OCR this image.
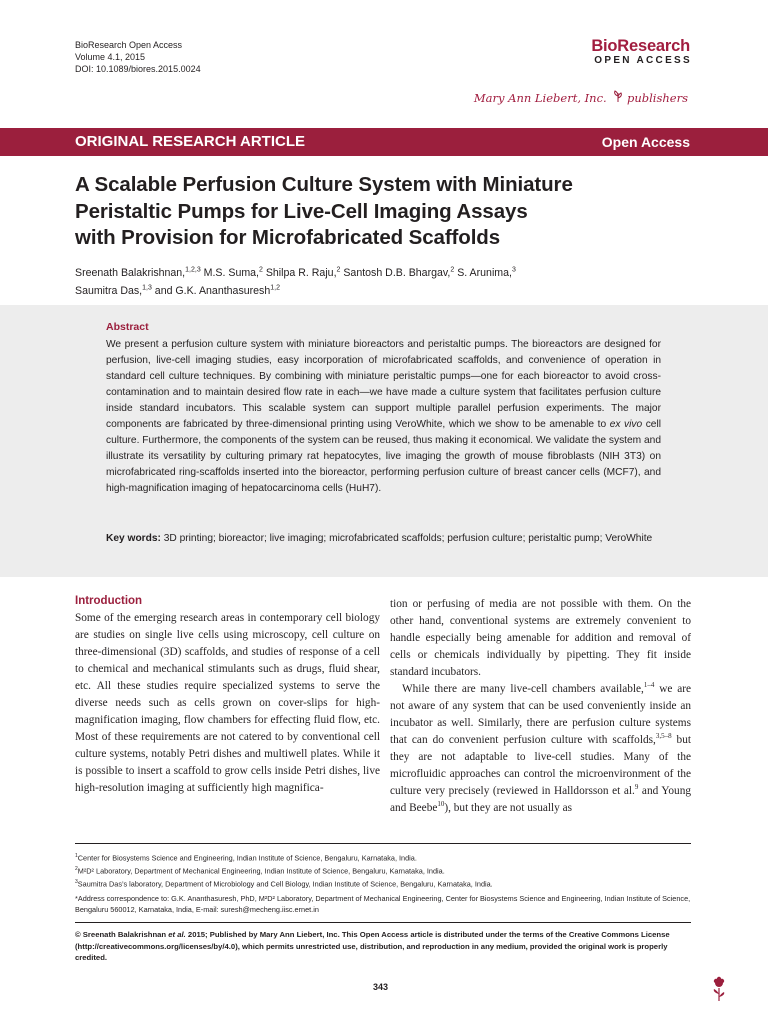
BioResearch Open Access
Volume 4.1, 2015
DOI: 10.1089/biores.2015.0024
BioResearch
OPEN ACCESS
Mary Ann Liebert, Inc. publishers
ORIGINAL RESEARCH ARTICLE	Open Access
A Scalable Perfusion Culture System with Miniature
Peristaltic Pumps for Live-Cell Imaging Assays
with Provision for Microfabricated Scaffolds
Sreenath Balakrishnan,$^{1,2,3}$ M.S. Suma,$^2$ Shilpa R. Raju,$^2$ Santosh D.B. Bhargav,$^2$ S. Arunima,$^3$
Saumitra Das,$^{1,3}$ and G.K. Ananthasuresh$^{1,2}$
Abstract
We present a perfusion culture system with miniature bioreactors and peristaltic pumps. The bioreactors are designed for perfusion, live-cell imaging studies, easy incorporation of microfabricated scaffolds, and convenience of operation in standard cell culture techniques. By combining with miniature peristaltic pumps—one for each bioreactor to avoid cross-contamination and to maintain desired flow rate in each—we have made a culture system that facilitates perfusion culture inside standard incubators. This scalable system can support multiple parallel perfusion experiments. The major components are fabricated by three-dimensional printing using VeroWhite, which we show to be amenable to ex vivo cell culture. Furthermore, the components of the system can be reused, thus making it economical. We validate the system and illustrate its versatility by culturing primary rat hepatocytes, live imaging the growth of mouse fibroblasts (NIH 3T3) on microfabricated ring-scaffolds inserted into the bioreactor, performing perfusion culture of breast cancer cells (MCF7), and high-magnification imaging of hepatocarcinoma cells (HuH7).
Key words: 3D printing; bioreactor; live imaging; microfabricated scaffolds; perfusion culture; peristaltic pump; VeroWhite
Introduction
Some of the emerging research areas in contemporary cell biology are studies on single live cells using microscopy, cell culture on three-dimensional (3D) scaffolds, and studies of response of a cell to chemical and mechanical stimulants such as drugs, fluid shear, etc. All these studies require specialized systems to serve the diverse needs such as cells grown on cover-slips for high-magnification imaging, flow chambers for effecting fluid flow, etc. Most of these requirements are not catered to by conventional cell culture systems, notably Petri dishes and multiwell plates. While it is possible to insert a scaffold to grow cells inside Petri dishes, live high-resolution imaging at sufficiently high magnifica-
tion or perfusing of media are not possible with them. On the other hand, conventional systems are extremely convenient to handle especially being amenable for addition and removal of cells or chemicals individually by pipetting. They fit inside standard incubators.
While there are many live-cell chambers available,$^{1-4}$ we are not aware of any system that can be used conveniently inside an incubator as well. Similarly, there are perfusion culture systems that can do convenient perfusion culture with scaffolds,$^{3,5-8}$ but they are not adaptable to live-cell studies. Many of the microfluidic approaches can control the microenvironment of the culture very precisely (reviewed in Halldorsson et al.$^9$ and Young and Beebe$^{10}$), but they are not usually as
$^1$Center for Biosystems Science and Engineering, Indian Institute of Science, Bengaluru, Karnataka, India.
$^2$M²D² Laboratory, Department of Mechanical Engineering, Indian Institute of Science, Bengaluru, Karnataka, India.
$^3$Saumitra Das’s laboratory, Department of Microbiology and Cell Biology, Indian Institute of Science, Bengaluru, Karnataka, India.
*Address correspondence to: G.K. Ananthasuresh, PhD, M²D² Laboratory, Department of Mechanical Engineering, Center for Biosystems Science and Engineering, Indian Institute of Science, Bengaluru 560012, Karnataka, India, E-mail: suresh@mecheng.iisc.ernet.in
© Sreenath Balakrishnan et al. 2015; Published by Mary Ann Liebert, Inc. This Open Access article is distributed under the terms of the Creative Commons License (http://creativecommons.org/licenses/by/4.0), which permits unrestricted use, distribution, and reproduction in any medium, provided the original work is properly credited.
343
